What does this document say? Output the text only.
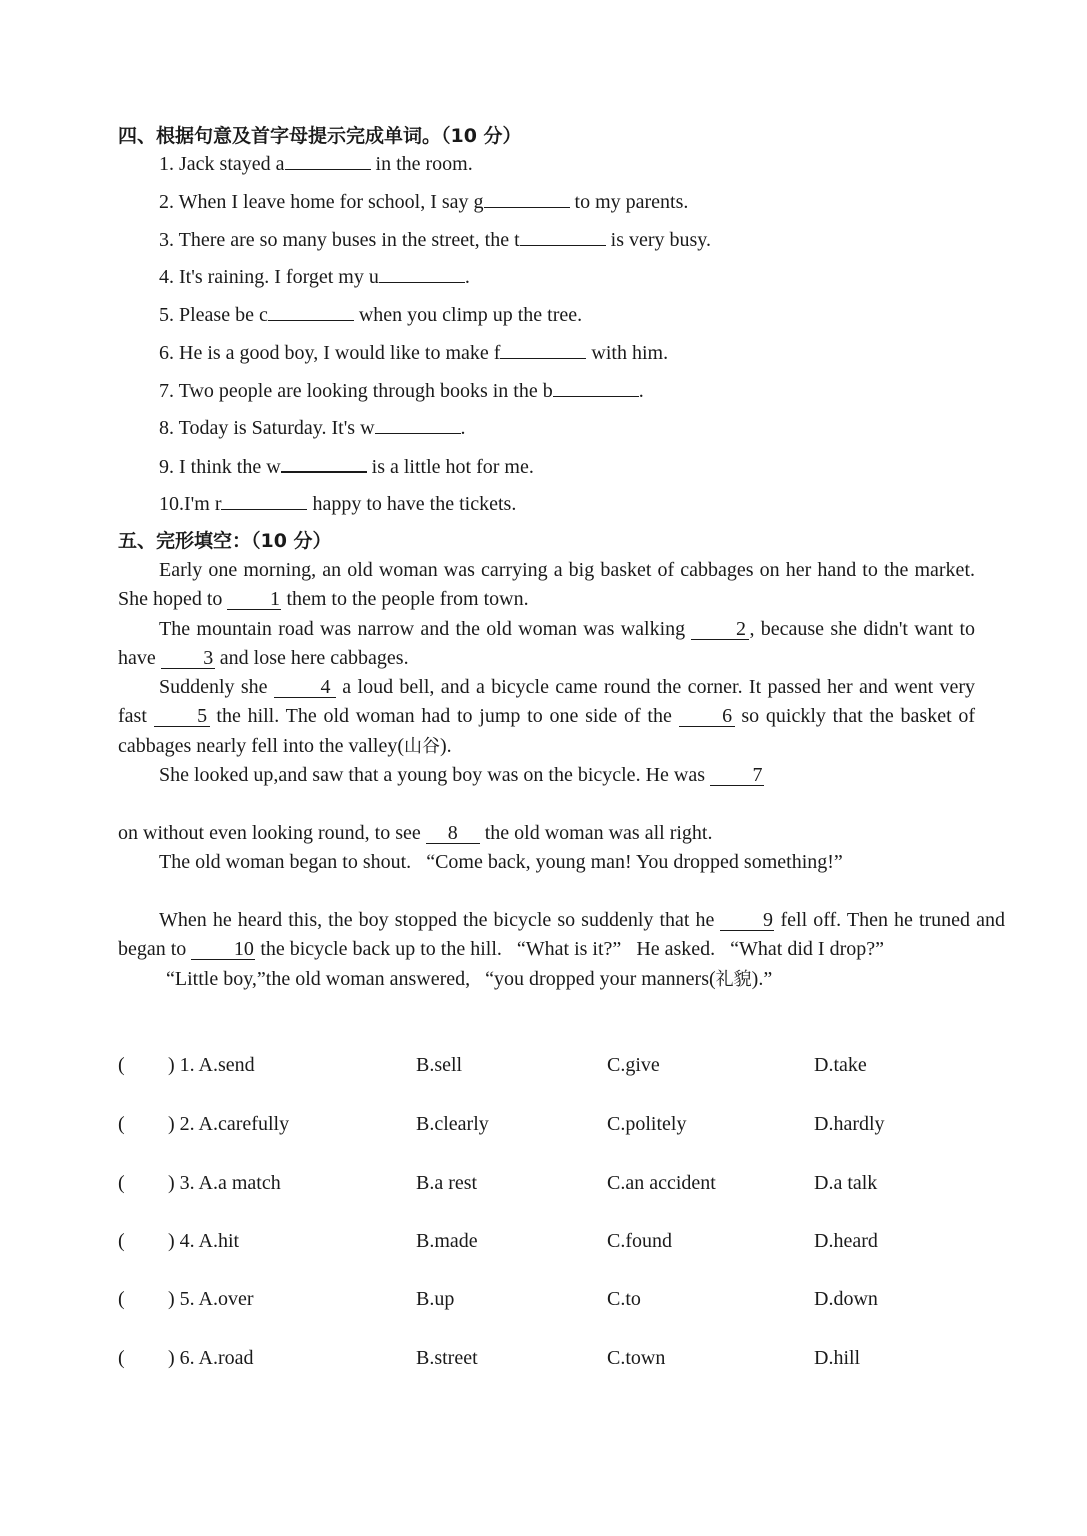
四、根据句意及首字母提示完成单词。（10 分）
1. Jack stayed a	in the room.
2. When I leave home for school, I say g	to my parents.
3. There are so many buses in the street, the t	is very busy.
4. It's raining. I forget my u	.
5. Please be c	when you climp up the tree.
6. He is a good boy, I would like to make f	with him.
7. Two people are looking through books in the b	.
8. Today is Saturday. It's w	.
9. I think the w	is a little hot for me.
10.I'm r	happy to have the tickets.
五、完形填空：（10 分）

Early one morning, an old woman was carrying a big basket of cabbages on her hand to the market. She hoped to 1 them to the people from town.

The mountain road was narrow and the old woman was walking	2 , because she didn't want to have 3 and lose here cabbages.

Suddenly she	4 a loud bell, and a bicycle came round the corner. It passed her and went very fast	5 the hill. The old woman had to jump to one side of the	6 so quickly that the basket of cabbages nearly fell into the valley(山谷).

She looked up,and saw that a young boy was on the bicycle. He was 7

on without even looking round, to see 8 the old woman was all right.

The old woman began to shout. “Come back, young man! You dropped something!”

When he heard this, the boy stopped the bicycle so suddenly that he 9 fell off. Then he truned and began to 10 the bicycle back up to the hill. “What is it?” He asked. “What did I drop?”

“Little boy,”the old woman answered, “you dropped your manners(礼貌).”

( ) 1. A.send	B.sell	C.give	D.take
( ) 2. A.carefully	B.clearly	C.politely	D.hardly
( ) 3. A.a match	B.a rest	C.an accident	D.a talk
( ) 4. A.hit	B.made	C.found	D.heard
( ) 5. A.over	B.up	C.to	D.down
( ) 6. A.road	B.street	C.town	D.hill
